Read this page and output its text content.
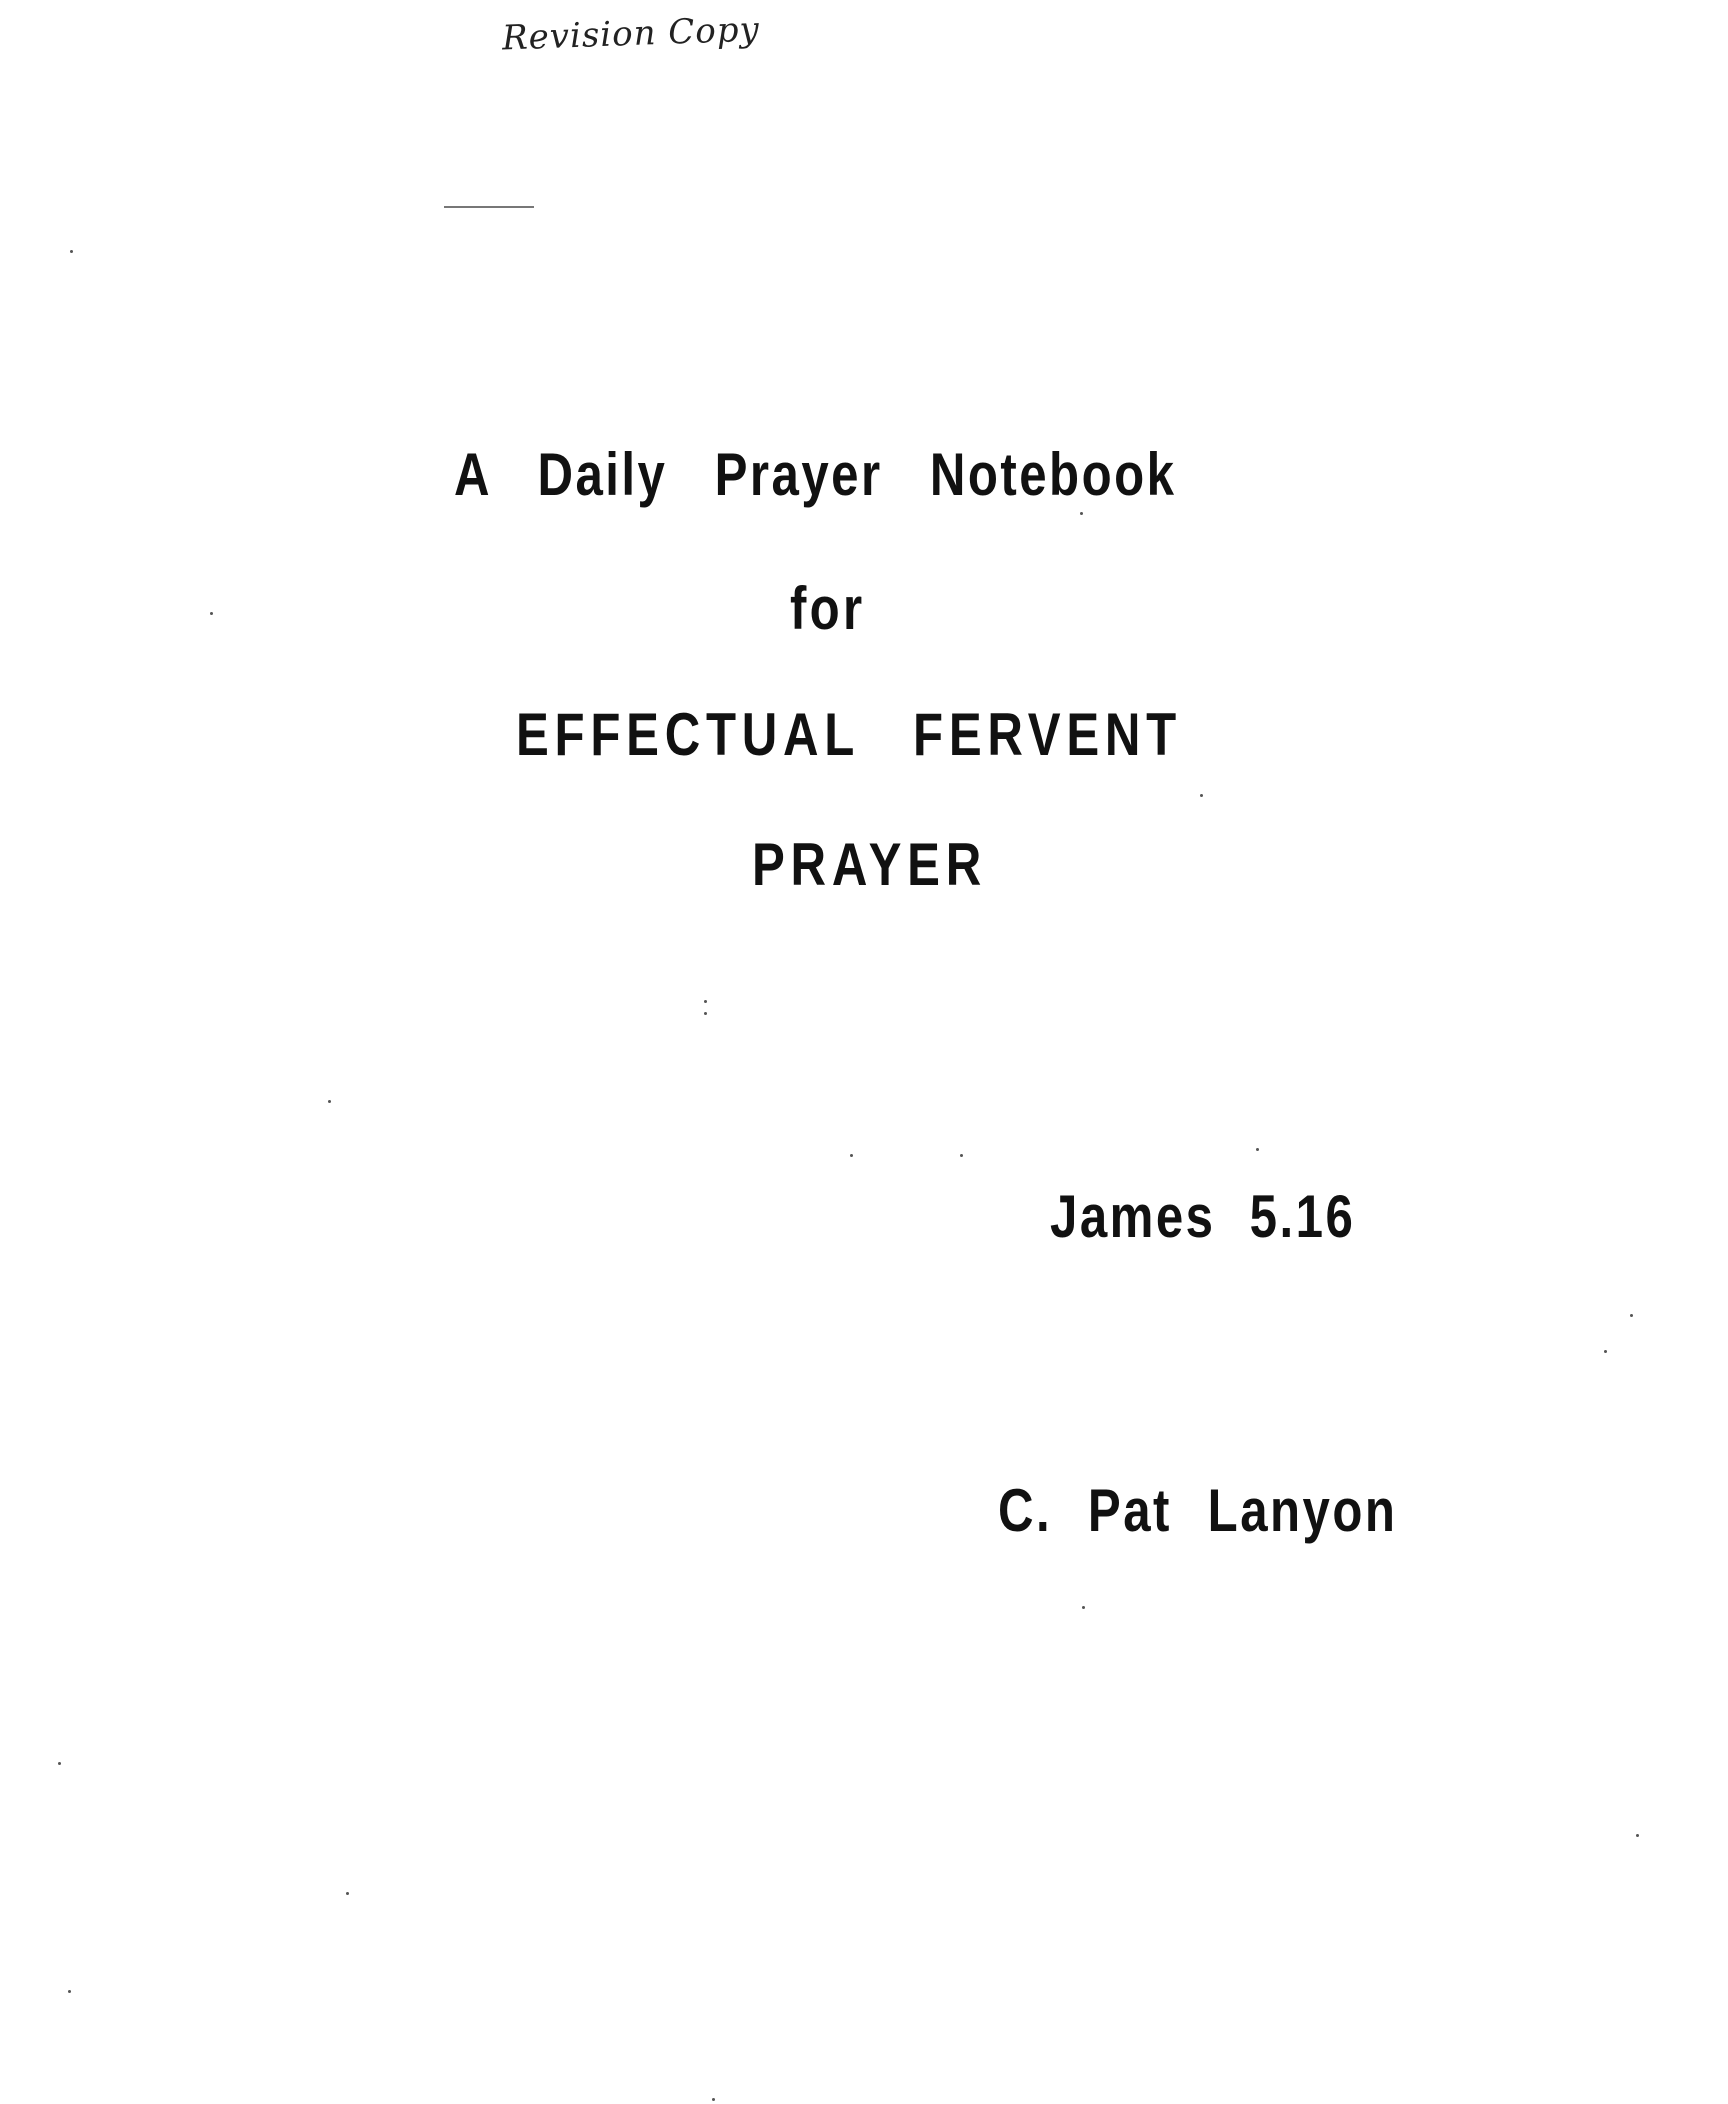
Revision Copy
A Daily Prayer Notebook
for
EFFECTUAL FERVENT
PRAYER
James 5.16
C. Pat Lanyon
